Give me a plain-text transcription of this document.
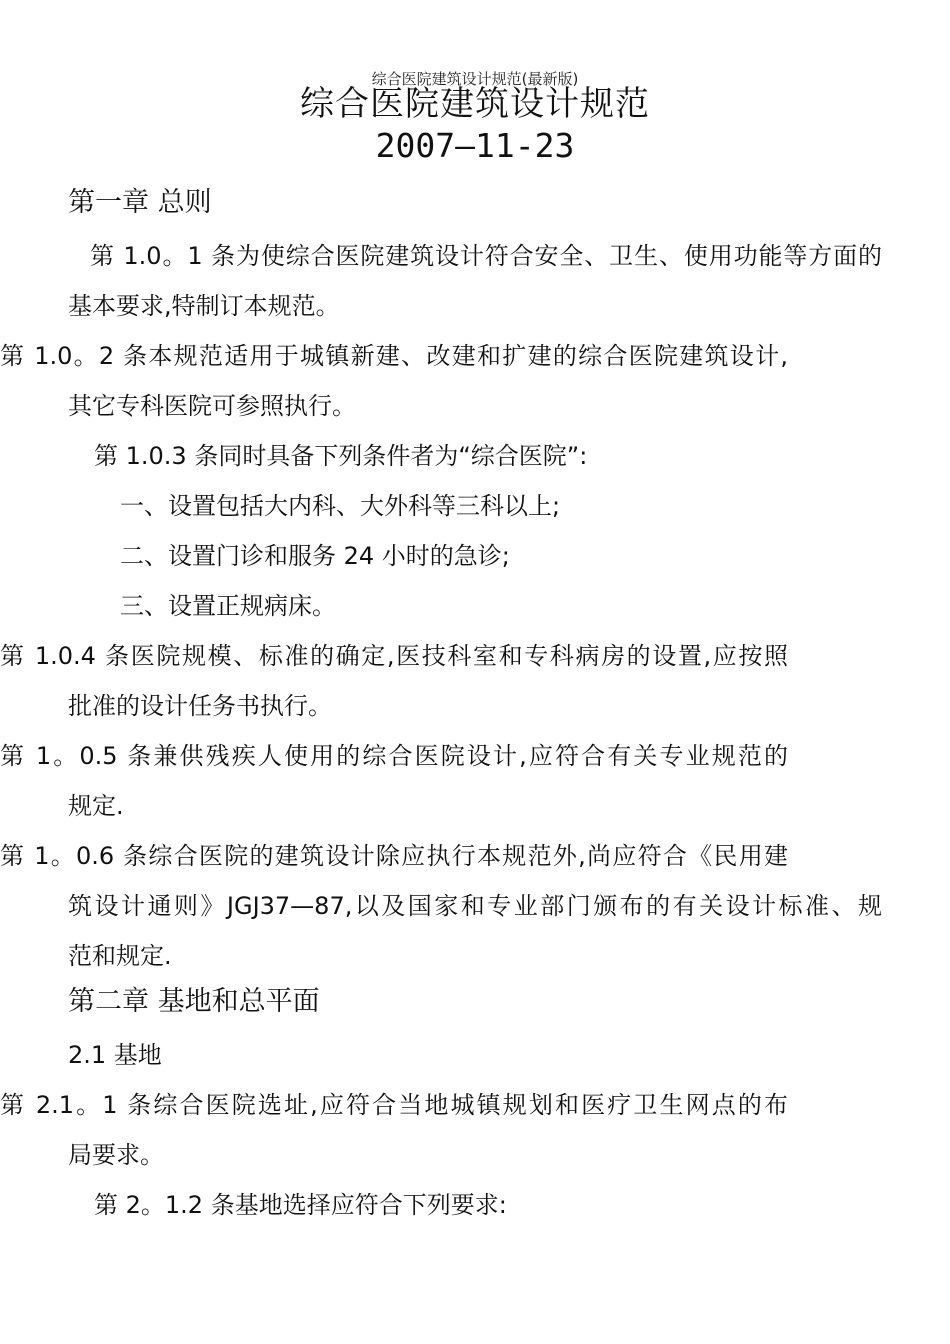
综合医院建筑设计规范(最新版)
综合医院建筑设计规范
2007—11-23
第一章 总则
第 1.0。1 条为使综合医院建筑设计符合安全、卫生、使用功能等方面的
基本要求,特制订本规范。
第 1.0。2 条本规范适用于城镇新建、改建和扩建的综合医院建筑设计,
其它专科医院可参照执行。
第 1.0.3 条同时具备下列条件者为“综合医院”:
一、设置包括大内科、大外科等三科以上;
二、设置门诊和服务 24 小时的急诊;
三、设置正规病床。
第 1.0.4 条医院规模、标准的确定,医技科室和专科病房的设置,应按照
批准的设计任务书执行。
第 1。0.5 条兼供残疾人使用的综合医院设计,应符合有关专业规范的
规定.
第 1。0.6 条综合医院的建筑设计除应执行本规范外,尚应符合《民用建
筑设计通则》JGJ37—87,以及国家和专业部门颁布的有关设计标准、规
范和规定.
第二章 基地和总平面
2.1 基地
第 2.1。1 条综合医院选址,应符合当地城镇规划和医疗卫生网点的布
局要求。
第 2。1.2 条基地选择应符合下列要求:
